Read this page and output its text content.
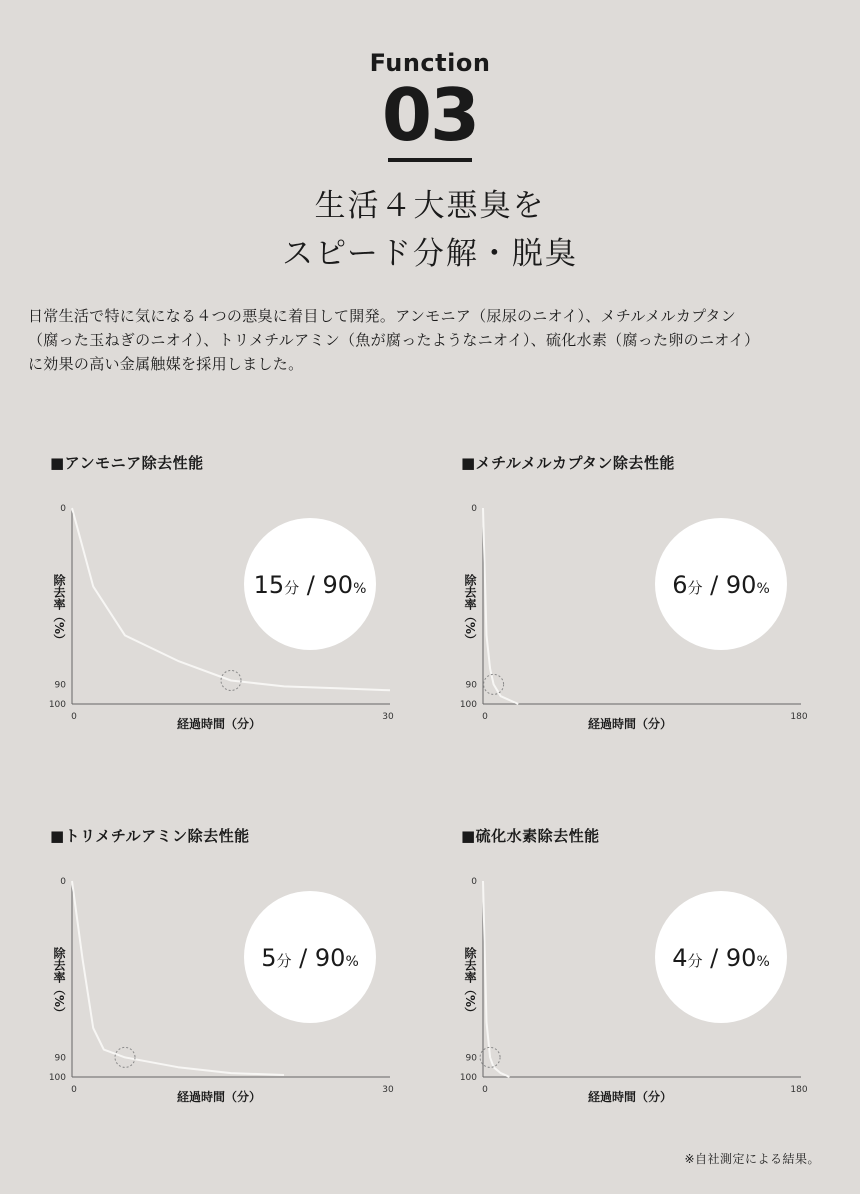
Function
03
生活４大悪臭を
スピード分解・脱臭
日常生活で特に気になる４つの悪臭に着目して開発。アンモニア（尿尿のニオイ）、メチルメルカプタン
（腐った玉ねぎのニオイ）、トリメチルアミン（魚が腐ったようなニオイ）、硫化水素（腐った卵のニオイ）
に効果の高い金属触媒を採用しました。
■アンモニア除去性能
0
90
100
0	30
除去率（%）
経過時間（分）
15分 / 90%
■メチルメルカプタン除去性能
0
90
100
0	180
除去率（%）
経過時間（分）
6分 / 90%
■トリメチルアミン除去性能
0
90
100
0	30
除去率（%）
経過時間（分）
5分 / 90%
■硫化水素除去性能
0
90
100
0	180
除去率（%）
経過時間（分）
4分 / 90%
※自社測定による結果。
